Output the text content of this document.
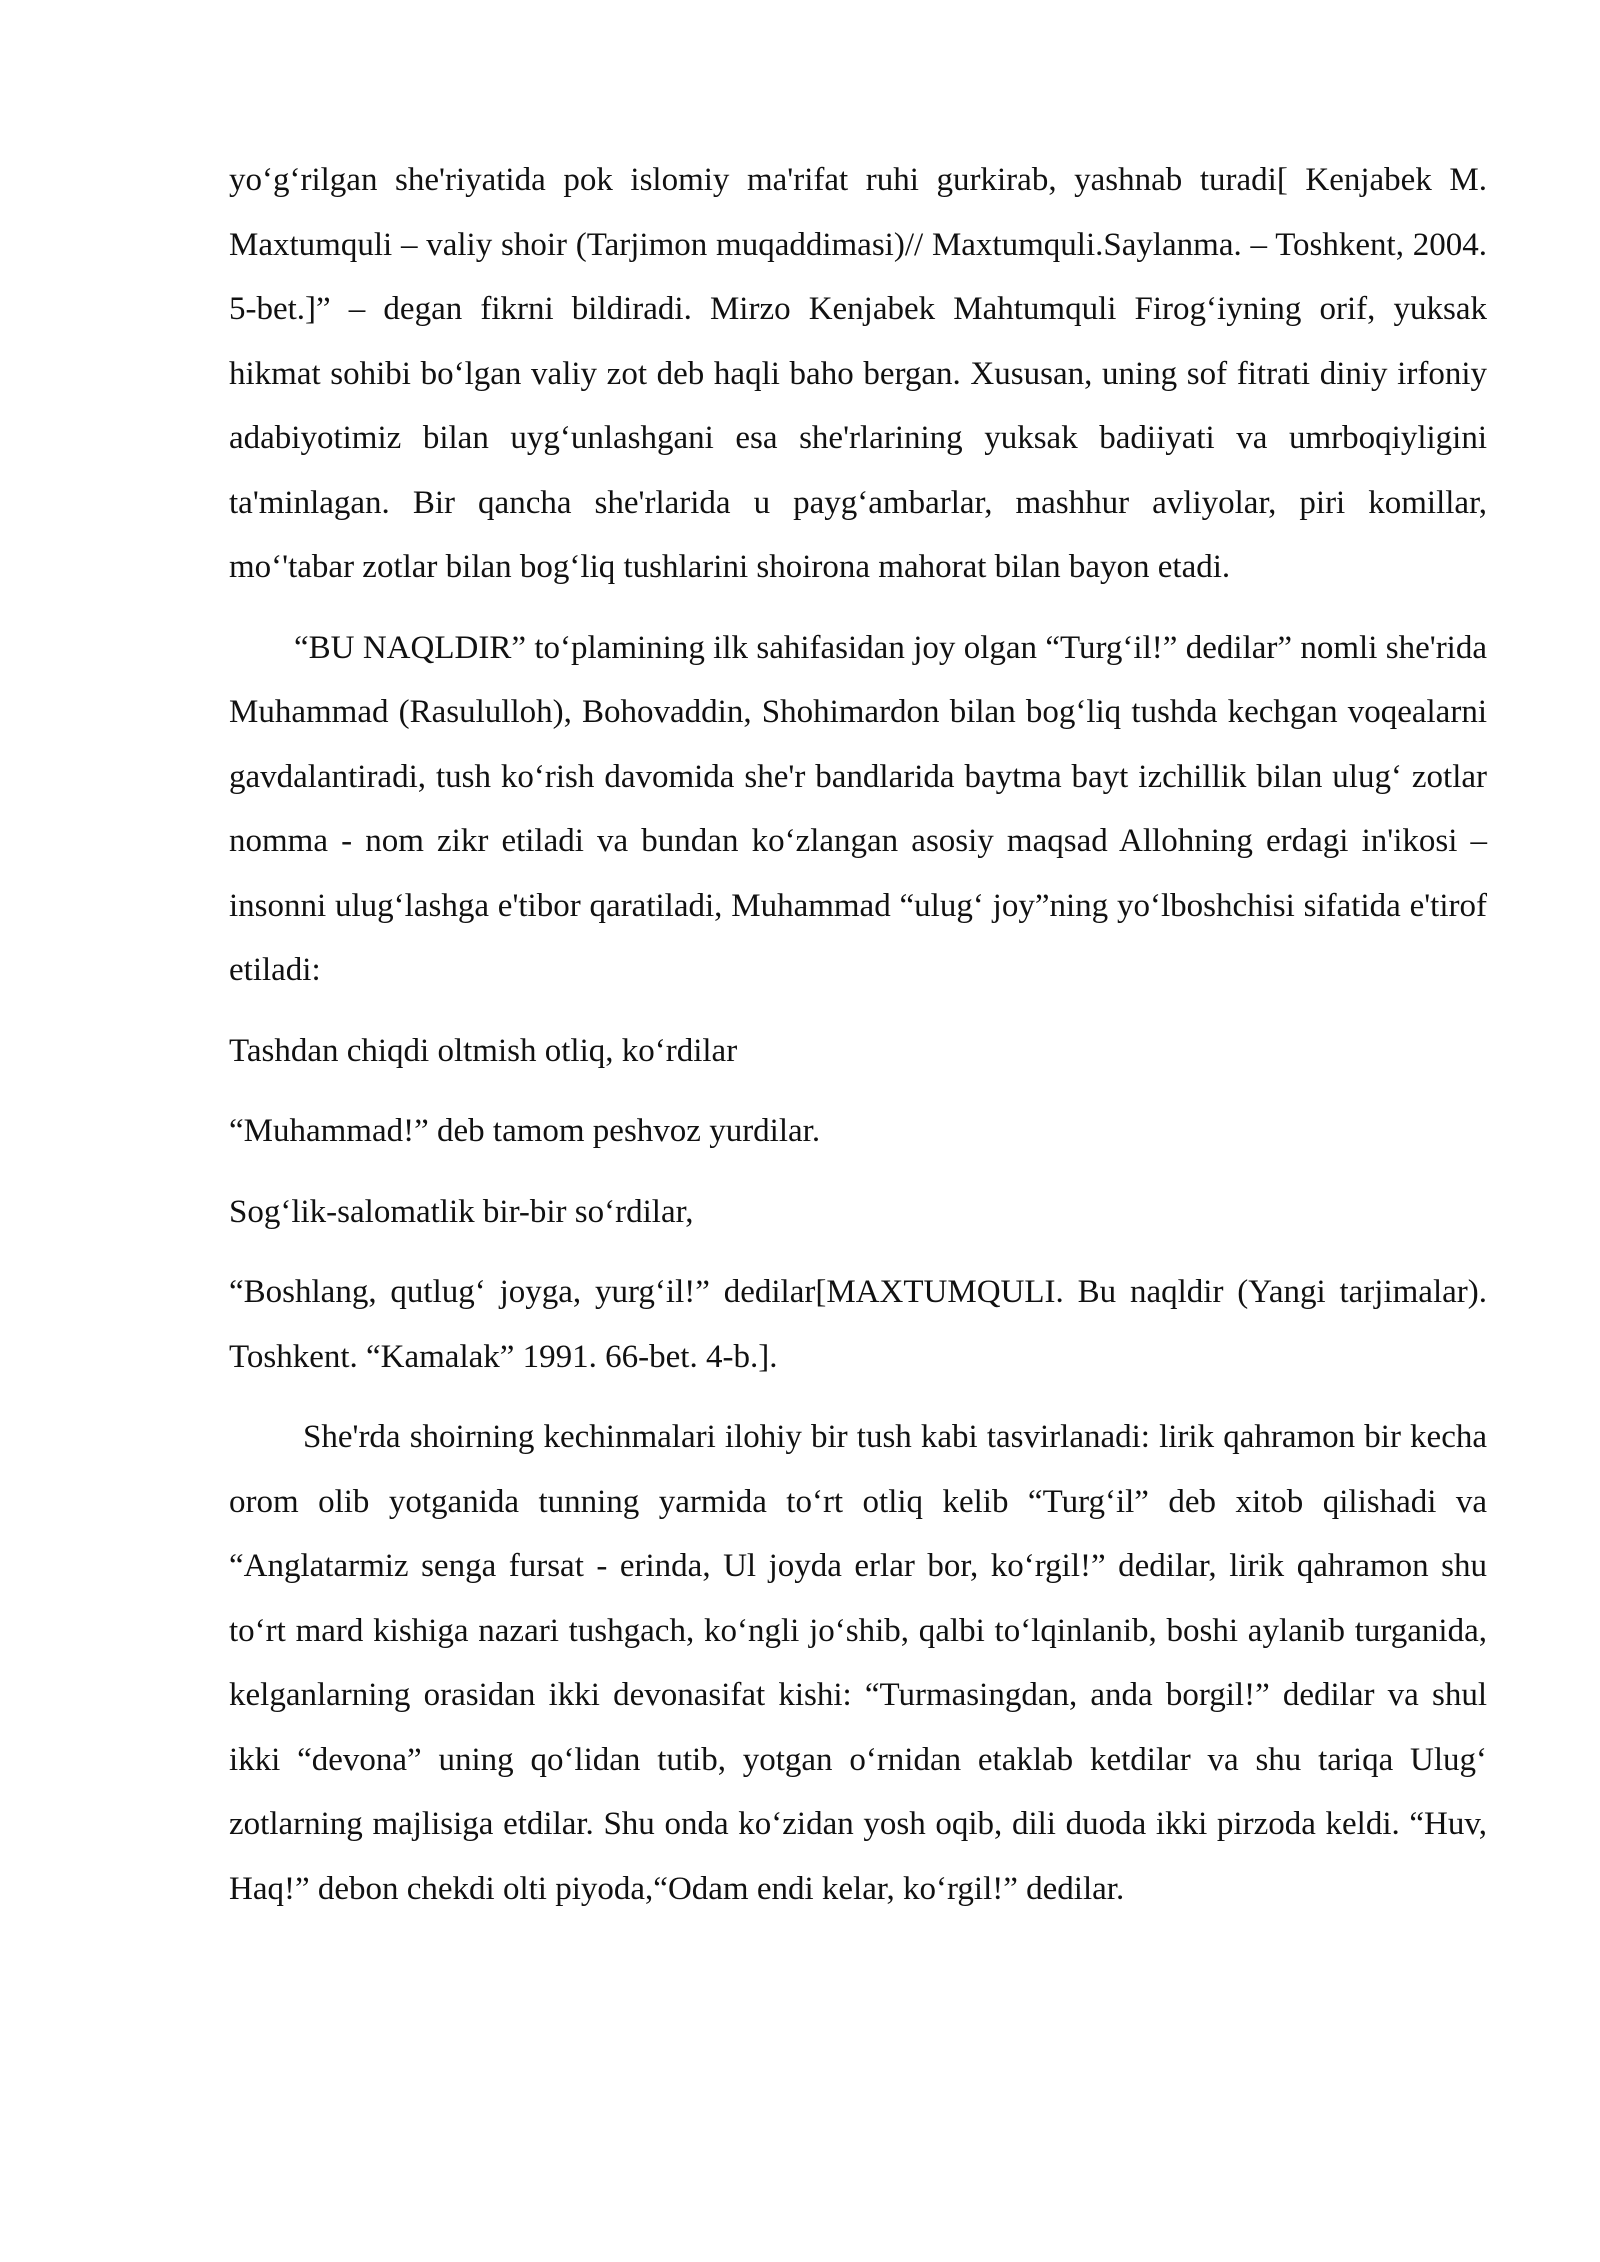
yo‘g‘rilgan she'riyatida pok islomiy ma'rifat ruhi gurkirab, yashnab turadi[ Kenjabek M. Maxtumquli – valiy shoir (Tarjimon muqaddimasi)// Maxtumquli.Saylanma. – Toshkent, 2004. 5-bet.]” – degan fikrni bildiradi. Mirzo Kenjabek Mahtumquli Firog‘iyning orif, yuksak hikmat sohibi bo‘lgan valiy zot deb haqli baho bergan. Xususan, uning sof fitrati diniy irfoniy adabiyotimiz bilan uyg‘unlashgani esa she'rlarining yuksak badiiyati va umrboqiyligini ta'minlagan. Bir qancha she'rlarida u payg‘ambarlar, mashhur avliyolar, piri komillar, mo‘'tabar zotlar bilan bog‘liq tushlarini shoirona mahorat bilan bayon etadi.

“BU NAQLDIR” to‘plamining ilk sahifasidan joy olgan “Turg‘il!” dedilar” nomli she'rida Muhammad (Rasululloh), Bohovaddin, Shohimardon bilan bog‘liq tushda kechgan voqealarni gavdalantiradi, tush ko‘rish davomida she'r bandlarida baytma bayt izchillik bilan ulug‘ zotlar nomma - nom zikr etiladi va bundan ko‘zlangan asosiy maqsad Allohning erdagi in'ikosi – insonni ulug‘lashga e'tibor qaratiladi, Muhammad “ulug‘ joy”ning yo‘lboshchisi sifatida e'tirof etiladi:

Tashdan chiqdi oltmish otliq, ko‘rdilar

“Muhammad!” deb tamom peshvoz yurdilar.

Sog‘lik-salomatlik bir-bir so‘rdilar,

“Boshlang, qutlug‘ joyga, yurg‘il!” dedilar[MAXTUMQULI. Bu naqldir (Yangi tarjimalar). Toshkent. “Kamalak” 1991. 66-bet. 4-b.].

She'rda shoirning kechinmalari ilohiy bir tush kabi tasvirlanadi: lirik qahramon bir kecha orom olib yotganida tunning yarmida to‘rt otliq kelib “Turg‘il” deb xitob qilishadi va “Anglatarmiz senga fursat - erinda, Ul joyda erlar bor, ko‘rgil!” dedilar, lirik qahramon shu to‘rt mard kishiga nazari tushgach, ko‘ngli jo‘shib, qalbi to‘lqinlanib, boshi aylanib turganida, kelganlarning orasidan ikki devonasifat kishi: “Turmasingdan, anda borgil!” dedilar va shul ikki “devona” uning qo‘lidan tutib, yotgan o‘rnidan etaklab ketdilar va shu tariqa Ulug‘ zotlarning majlisiga etdilar. Shu onda ko‘zidan yosh oqib, dili duoda ikki pirzoda keldi. “Huv, Haq!” debon chekdi olti piyoda,“Odam endi kelar, ko‘rgil!” dedilar.
